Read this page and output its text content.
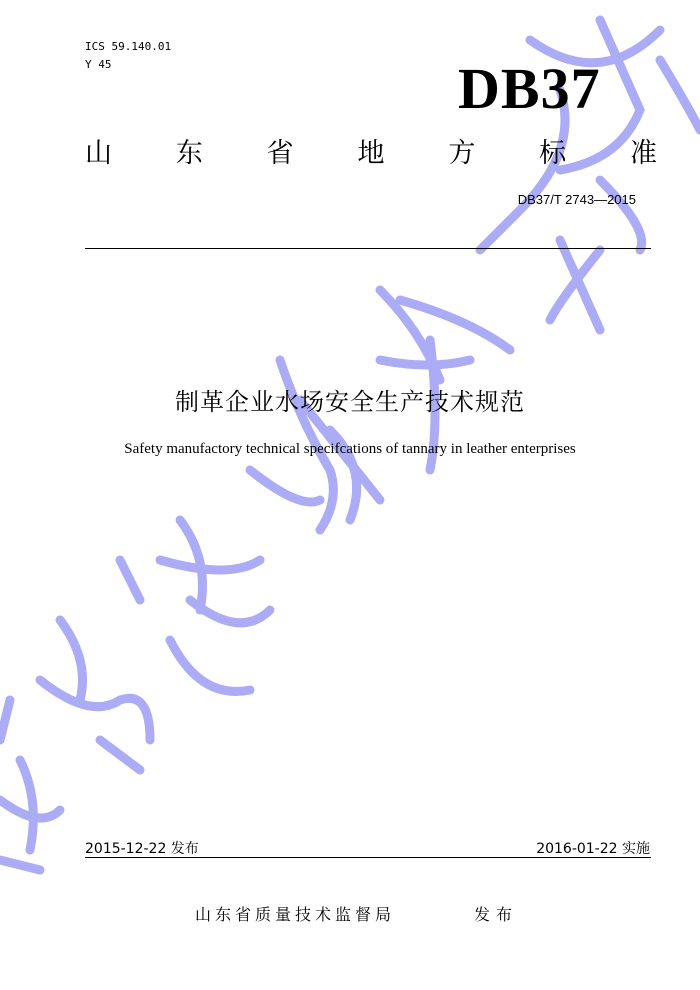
ICS 59.140.01
Y 45	DB37
山 东 省 地 方 标 准
DB37/T 2743—2015
制革企业水场安全生产技术规范
Safety manufactory technical specifcations of tannary in leather enterprises
2015-12-22 发布	2016-01-22 实施
山东省质量技术监督局	发布
